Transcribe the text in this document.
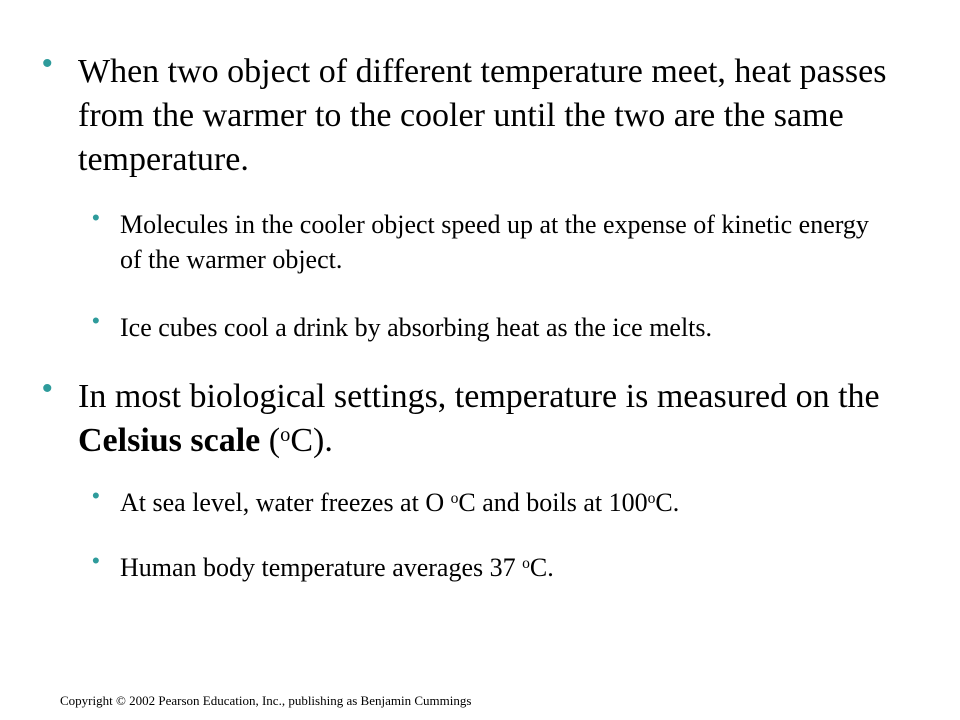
• When two object of different temperature meet, heat passes from the warmer to the cooler until the two are the same temperature.
• Molecules in the cooler object speed up at the expense of kinetic energy of the warmer object.
• Ice cubes cool a drink by absorbing heat as the ice melts.
• In most biological settings, temperature is measured on the Celsius scale ($^o$C).
• At sea level, water freezes at O $^o$C and boils at 100$^o$C.
• Human body temperature averages 37 $^o$C.
Copyright © 2002 Pearson Education, Inc., publishing as Benjamin Cummings
